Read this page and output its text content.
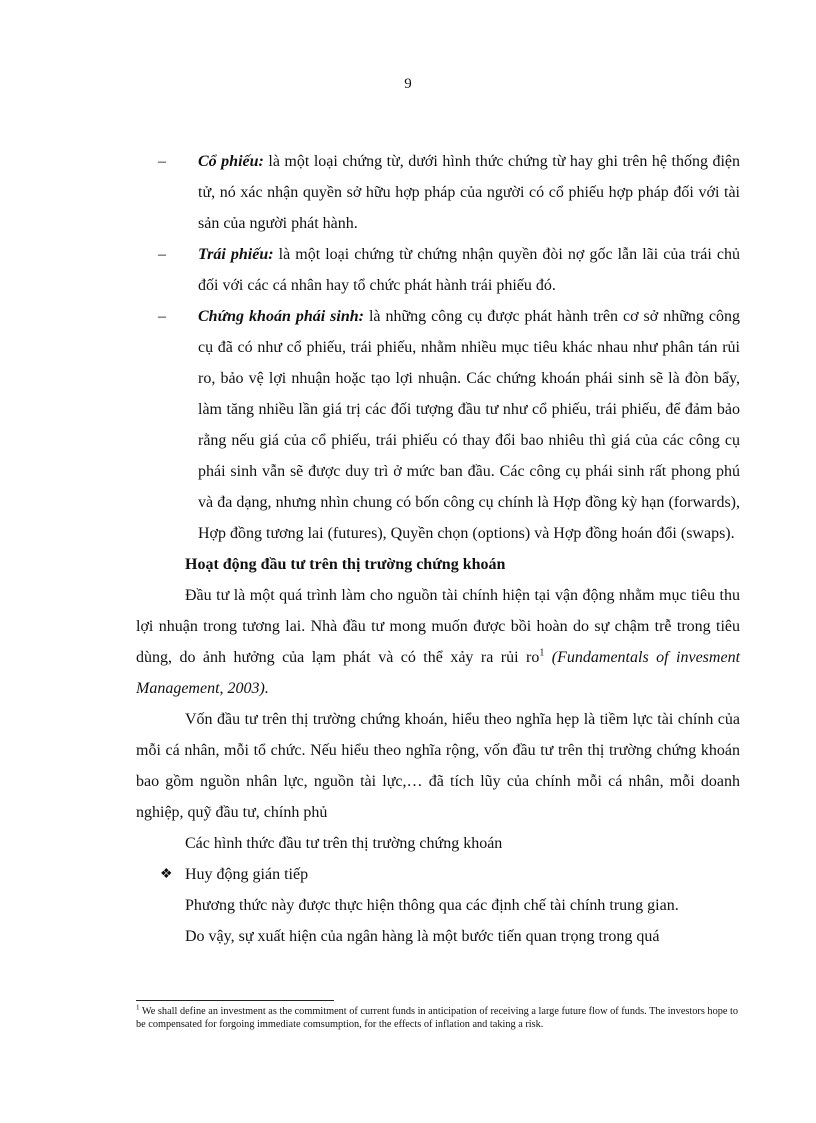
9
– Cổ phiếu: là một loại chứng từ, dưới hình thức chứng từ hay ghi trên hệ thống điện tử, nó xác nhận quyền sở hữu hợp pháp của người có cổ phiếu hợp pháp đối với tài sản của người phát hành.
– Trái phiếu: là một loại chứng từ chứng nhận quyền đòi nợ gốc lẫn lãi của trái chủ đối với các cá nhân hay tổ chức phát hành trái phiếu đó.
– Chứng khoán phái sinh: là những công cụ được phát hành trên cơ sở những công cụ đã có như cổ phiếu, trái phiếu, nhằm nhiều mục tiêu khác nhau như phân tán rủi ro, bảo vệ lợi nhuận hoặc tạo lợi nhuận. Các chứng khoán phái sinh sẽ là đòn bẩy, làm tăng nhiều lần giá trị các đối tượng đầu tư như cổ phiếu, trái phiếu, để đảm bảo rằng nếu giá của cổ phiếu, trái phiếu có thay đổi bao nhiêu thì giá của các công cụ phái sinh vẫn sẽ được duy trì ở mức ban đầu. Các công cụ phái sinh rất phong phú và đa dạng, nhưng nhìn chung có bốn công cụ chính là Hợp đồng kỳ hạn (forwards), Hợp đồng tương lai (futures), Quyền chọn (options) và Hợp đồng hoán đổi (swaps).
Hoạt động đầu tư trên thị trường chứng khoán

Đầu tư là một quá trình làm cho nguồn tài chính hiện tại vận động nhằm mục tiêu thu lợi nhuận trong tương lai. Nhà đầu tư mong muốn được bồi hoàn do sự chậm trễ trong tiêu dùng, do ảnh hưởng của lạm phát và có thể xảy ra rủi $ro^1$ (Fundamentals of invesment Management, 2003).

Vốn đầu tư trên thị trường chứng khoán, hiểu theo nghĩa hẹp là tiềm lực tài chính của mỗi cá nhân, mỗi tổ chức. Nếu hiểu theo nghĩa rộng, vốn đầu tư trên thị trường chứng khoán bao gồm nguồn nhân lực, nguồn tài lực,… đã tích lũy của chính mỗi cá nhân, mỗi doanh nghiệp, quỹ đầu tư, chính phủ

Các hình thức đầu tư trên thị trường chứng khoán
❖ Huy động gián tiếp
Phương thức này được thực hiện thông qua các định chế tài chính trung gian.
Do vậy, sự xuất hiện của ngân hàng là một bước tiến quan trọng trong quá
$^1$ We shall define an investment as the commitment of current funds in anticipation of receiving a large future flow of funds. The investors hope to be compensated for forgoing immediate comsumption, for the effects of inflation and taking a risk.
